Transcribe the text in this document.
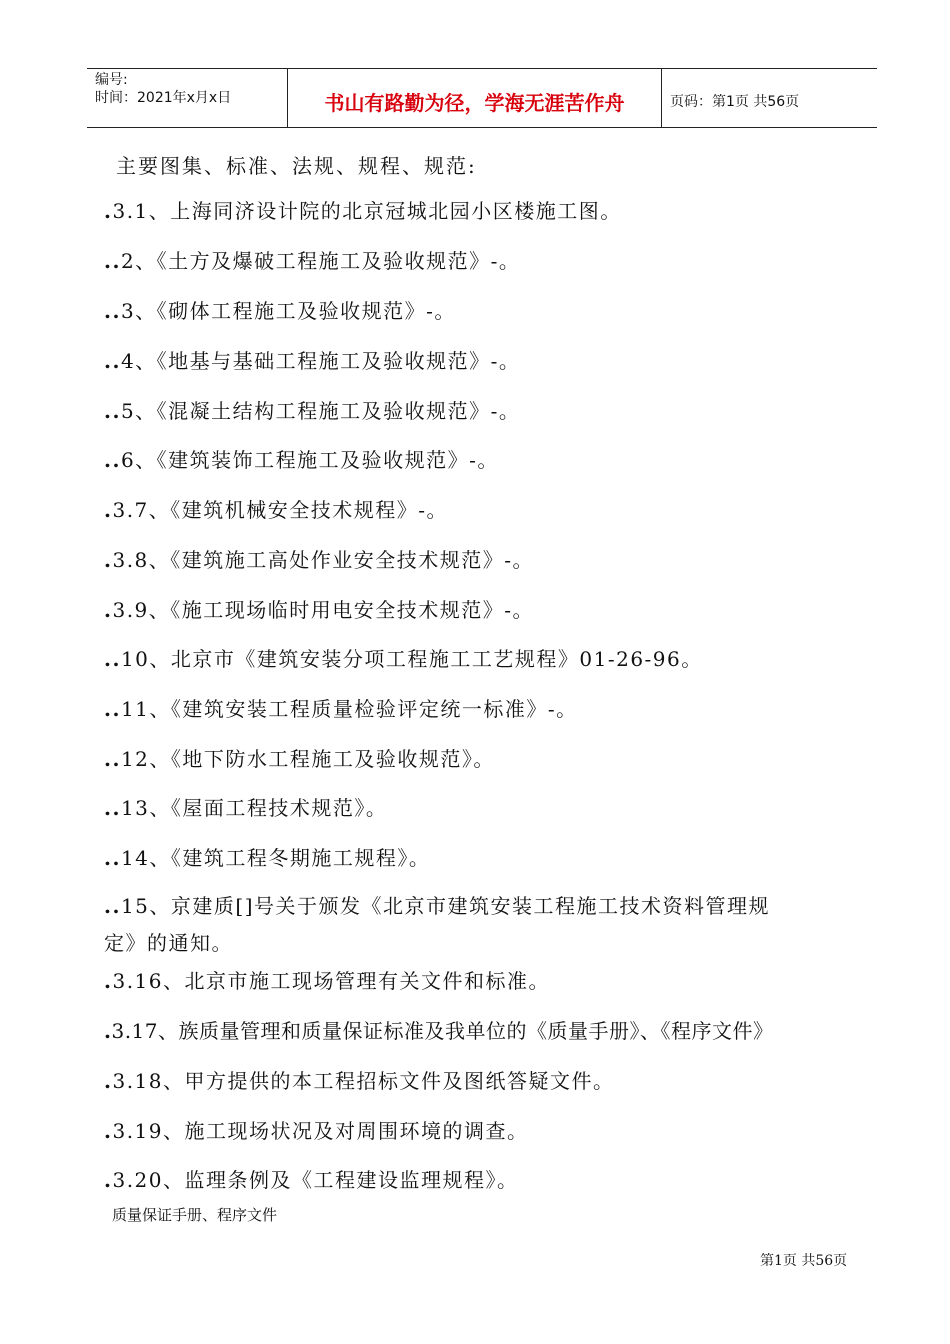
编号:
时间：2021年x月x日	书山有路勤为径，学海无涯苦作舟	页码：第1页 共56页
主要图集、标准、法规、规程、规范:
.3.1、上海同济设计院的北京冠城北园小区楼施工图。
..2、《土方及爆破工程施工及验收规范》-。
..3、《砌体工程施工及验收规范》-。
..4、《地基与基础工程施工及验收规范》-。
..5、《混凝土结构工程施工及验收规范》-。
..6、《建筑装饰工程施工及验收规范》-。
.3.7、《建筑机械安全技术规程》-。
.3.8、《建筑施工高处作业安全技术规范》-。
.3.9、《施工现场临时用电安全技术规范》-。
..10、北京市《建筑安装分项工程施工工艺规程》01-26-96。
..11、《建筑安装工程质量检验评定统一标准》-。
..12、《地下防水工程施工及验收规范》。
..13、《屋面工程技术规范》。
..14、《建筑工程冬期施工规程》。
..15、京建质[]号关于颁发《北京市建筑安装工程施工技术资料管理规
定》的通知。
.3.16、北京市施工现场管理有关文件和标准。
.3.17、族质量管理和质量保证标准及我单位的《质量手册》、《程序文件》
.3.18、甲方提供的本工程招标文件及图纸答疑文件。
.3.19、施工现场状况及对周围环境的调查。
.3.20、监理条例及《工程建设监理规程》。
质量保证手册、程序文件
第1页 共56页
